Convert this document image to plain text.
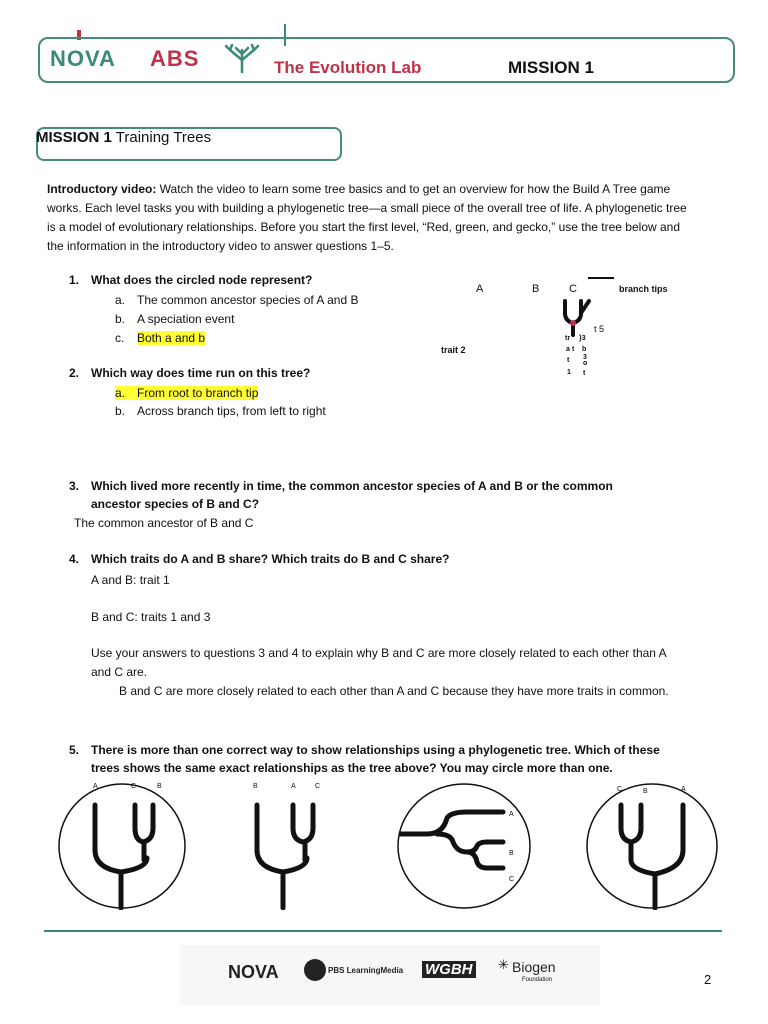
NOVA ABS	The Evolution Lab	MISSION 1
MISSION 1 Training Trees
Introductory video: Watch the video to learn some tree basics and to get an overview for how the Build A Tree game works. Each level tasks you with building a phylogenetic tree—a small piece of the overall tree of life. A phylogenetic tree is a model of evolutionary relationships. Before you start the first level, “Red, green, and gecko,” use the tree below and the information in the introductory video to answer questions 1–5.
1. What does the circled node represent?
a. The common ancestor species of A and B
b. A speciation event
c. Both a and b
A	B	C	branch tips
trait 2
tr }3
a t b
t 3
o
1 t
t 5
2. Which way does time run on this tree?
a. From root to branch tip
b. Across branch tips, from left to right
3. Which lived more recently in time, the common ancestor species of A and B or the common
ancestor species of B and C?
The common ancestor of B and C
4. Which traits do A and B share? Which traits do B and C share?
A and B: trait 1
B and C: traits 1 and 3
Use your answers to questions 3 and 4 to explain why B and C are more closely related to each other than A
and C are.
B and C are more closely related to each other than A and C because they have more traits in common.
5. There is more than one correct way to show relationships using a phylogenetic tree. Which of these
trees shows the same exact relationships as the tree above? You may circle more than one.
A	C	B	B	A	C
A
B
C
C	B	A
NOVA	PBS LearningMedia WGBH ✳ Biogen
Foundation	2
